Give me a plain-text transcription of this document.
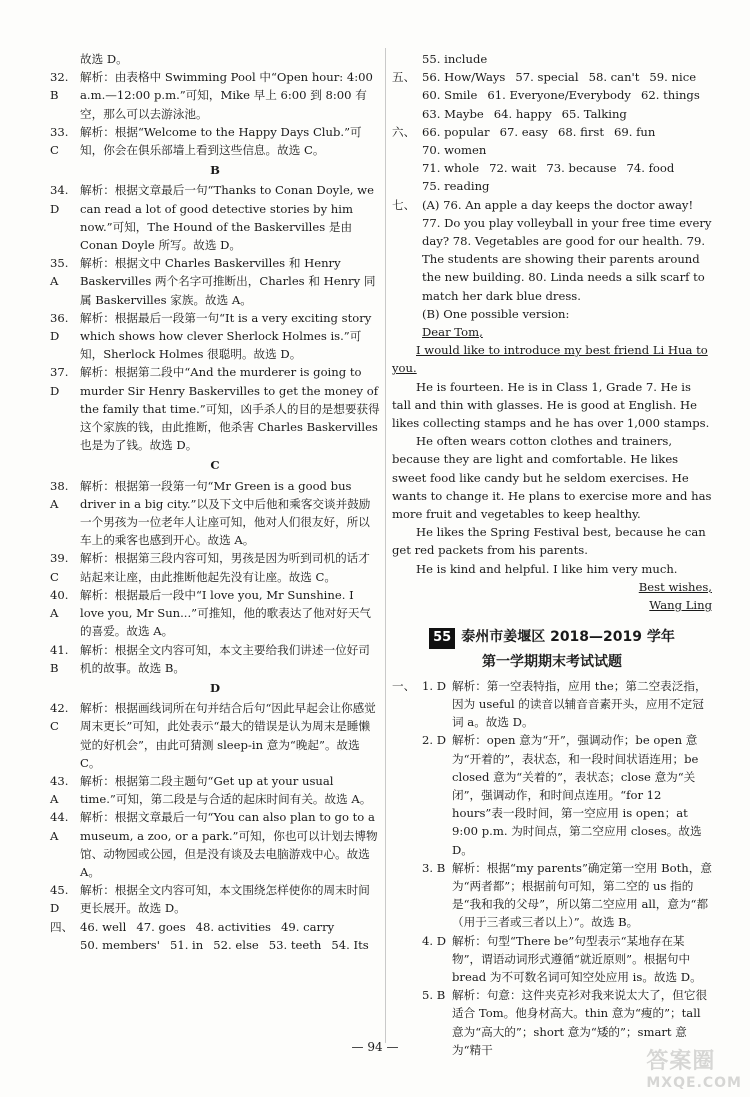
故选 D。

32. B
解析：由表格中 Swimming Pool 中“Open hour: 4:00 a.m.—12:00 p.m.”可知，Mike 早上 6:00 到 8:00 有空，那么可以去游泳池。
33. C
解析：根据“Welcome to the Happy Days Club.”可知，你会在俱乐部墙上看到这些信息。故选 C。
B
34. D
解析：根据文章最后一句“Thanks to Conan Doyle, we can read a lot of good detective stories by him now.”可知，The Hound of the Baskervilles 是由 Conan Doyle 所写。故选 D。
35. A
解析：根据文中 Charles Baskervilles 和 Henry Baskervilles 两个名字可推断出，Charles 和 Henry 同属 Baskervilles 家族。故选 A。
36. D
解析：根据最后一段第一句“It is a very exciting story which shows how clever Sherlock Holmes is.”可知，Sherlock Holmes 很聪明。故选 D。
37. D
解析：根据第二段中“And the murderer is going to murder Sir Henry Baskervilles to get the money of the family that time.”可知，凶手杀人的目的是想要获得这个家族的钱，由此推断，他杀害 Charles Baskervilles 也是为了钱。故选 D。
C
38. A
解析：根据第一段第一句“Mr Green is a good bus driver in a big city.”以及下文中后他和乘客交谈并鼓励一个男孩为一位老年人让座可知，他对人们很友好，所以车上的乘客也感到开心。故选 A。
39. C
解析：根据第三段内容可知，男孩是因为听到司机的话才站起来让座，由此推断他起先没有让座。故选 C。
40. A
解析：根据最后一段中“I love you, Mr Sunshine. I love you, Mr Sun...”可推知，他的歌表达了他对好天气的喜爱。故选 A。
41. B
解析：根据全文内容可知，本文主要给我们讲述一位好司机的故事。故选 B。
D
42. C
解析：根据画线词所在句并结合后句“因此早起会让你感觉周末更长”可知，此处表示“最大的错误是认为周末是睡懒觉的好机会”，由此可猜测 sleep-in 意为“晚起”。故选 C。
43. A
解析：根据第二段主题句“Get up at your usual time.”可知，第二段是与合适的起床时间有关。故选 A。
44. A
解析：根据文章最后一句“You can also plan to go to a museum, a zoo, or a park.”可知，你也可以计划去博物馆、动物园或公园，但是没有谈及去电脑游戏中心。故选 A。
45. D
解析：根据全文内容可知，本文围绕怎样使你的周末时间更长展开。故选 D。
四、 46. well 47. goes 48. activities 49. carry
50. members' 51. in 52. else 53. teeth 54. Its

55. include

五、 56. How/Ways 57. special 58. can't 59. nice
60. Smile 61. Everyone/Everybody 62. things
63. Maybe 64. happy 65. Talking
六、 66. popular 67. easy 68. first 69. fun
70. women
71. whole 72. wait 73. because 74. food
75. reading
七、 (A) 76. An apple a day keeps the doctor away! 77. Do you play volleyball in your free time every day? 78. Vegetables are good for our health. 79. The students are showing their parents around the new building. 80. Linda needs a silk scarf to match her dark blue dress.
(B) One possible version:
Dear Tom,

I would like to introduce my best friend Li Hua to you.

He is fourteen. He is in Class 1, Grade 7. He is tall and thin with glasses. He is good at English. He likes collecting stamps and he has over 1,000 stamps.

He often wears cotton clothes and trainers, because they are light and comfortable. He likes sweet food like candy but he seldom exercises. He wants to change it. He plans to exercise more and has more fruit and vegetables to keep healthy.

He likes the Spring Festival best, because he can get red packets from his parents.

He is kind and helpful. I like him very much.

Best wishes,
Wang Ling
55 泰州市姜堰区 2018—2019 学年
第一学期期末考试试题
一、 1. D 解析：第一空表特指，应用 the；第二空表泛指，因为 useful 的读音以辅音音素开头，应用不定冠词 a。故选 D。
2. D 解析：open 意为“开”，强调动作；be open 意为“开着的”，表状态，和一段时间状语连用；be closed 意为“关着的”，表状态；close 意为“关闭”，强调动作，和时间点连用。“for 12 hours”表一段时间，第一空应用 is open；at 9:00 p.m. 为时间点，第二空应用 closes。故选 D。
3. B 解析：根据“my parents”确定第一空用 Both，意为“两者都”；根据前句可知，第二空的 us 指的是“我和我的父母”，所以第二空应用 all，意为“都（用于三者或三者以上）”。故选 B。
4. D 解析：句型“There be”句型表示“某地存在某物”，谓语动词形式遵循“就近原则”。根据句中 bread 为不可数名词可知空处应用 is。故选 D。
5. B 解析：句意：这件夹克衫对我来说太大了，但它很适合 Tom。他身材高大。thin 意为“瘦的”；tall 意为“高大的”；short 意为“矮的”；smart 意为“精干
— 94 —
答案圈
MXQE.COM
